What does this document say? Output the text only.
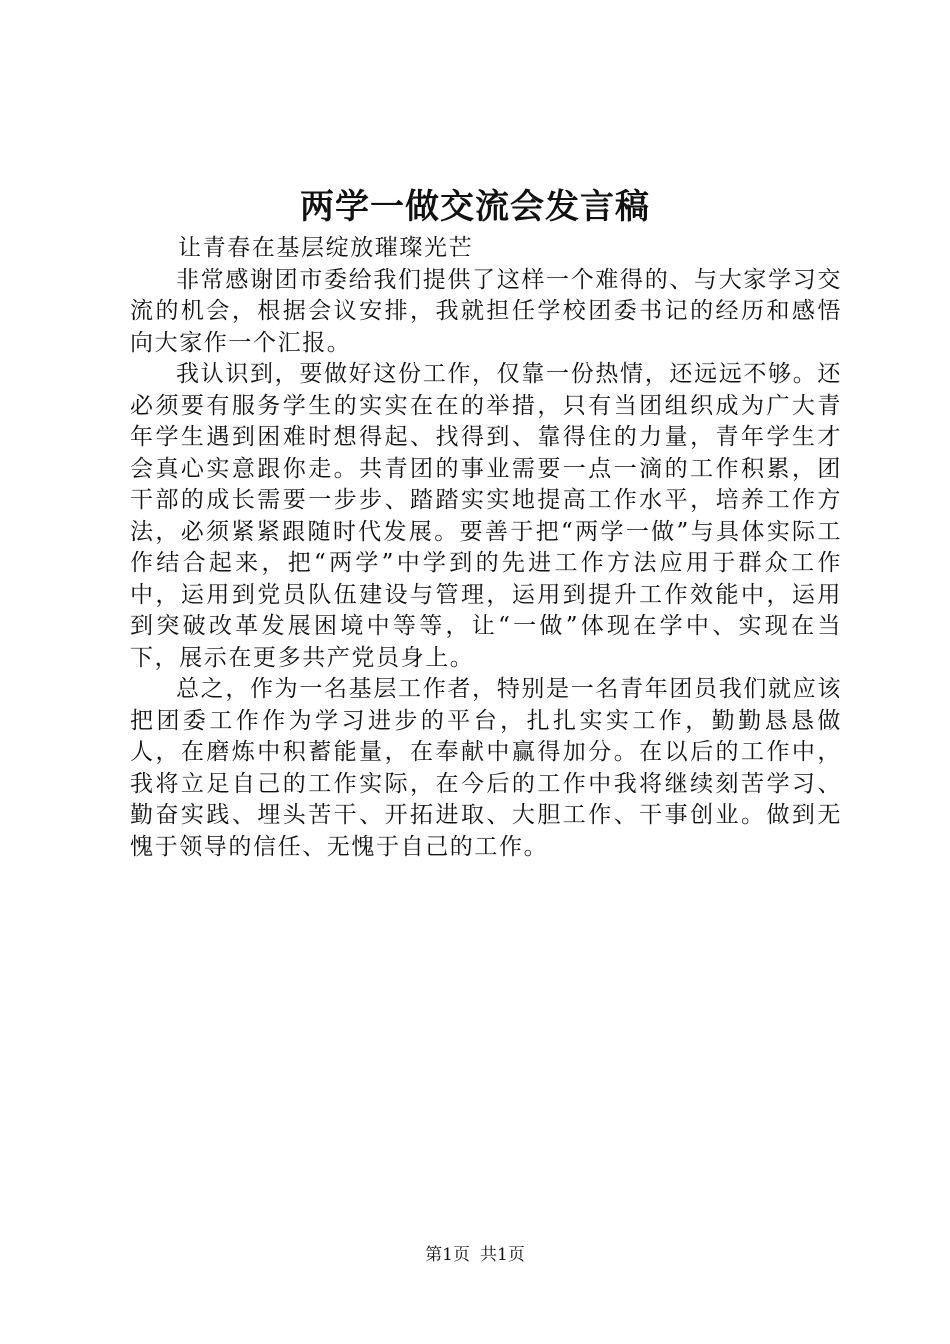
两学一做交流会发言稿

让青春在基层绽放璀璨光芒

非常感谢团市委给我们提供了这样一个难得的、与大家学习交流的机会，根据会议安排，我就担任学校团委书记的经历和感悟向大家作一个汇报。

我认识到，要做好这份工作，仅靠一份热情，还远远不够。还必须要有服务学生的实实在在的举措，只有当团组织成为广大青年学生遇到困难时想得起、找得到、靠得住的力量，青年学生才会真心实意跟你走。共青团的事业需要一点一滴的工作积累，团干部的成长需要一步步、踏踏实实地提高工作水平，培养工作方法，必须紧紧跟随时代发展。要善于把“两学一做”与具体实际工作结合起来，把“两学”中学到的先进工作方法应用于群众工作中，运用到党员队伍建设与管理，运用到提升工作效能中，运用到突破改革发展困境中等等，让“一做”体现在学中、实现在当下，展示在更多共产党员身上。

总之，作为一名基层工作者，特别是一名青年团员我们就应该把团委工作作为学习进步的平台，扎扎实实工作，勤勤恳恳做人，在磨炼中积蓄能量，在奉献中赢得加分。在以后的工作中，我将立足自己的工作实际，在今后的工作中我将继续刻苦学习、勤奋实践、埋头苦干、开拓进取、大胆工作、干事创业。做到无愧于领导的信任、无愧于自己的工作。

第1页 共1页
